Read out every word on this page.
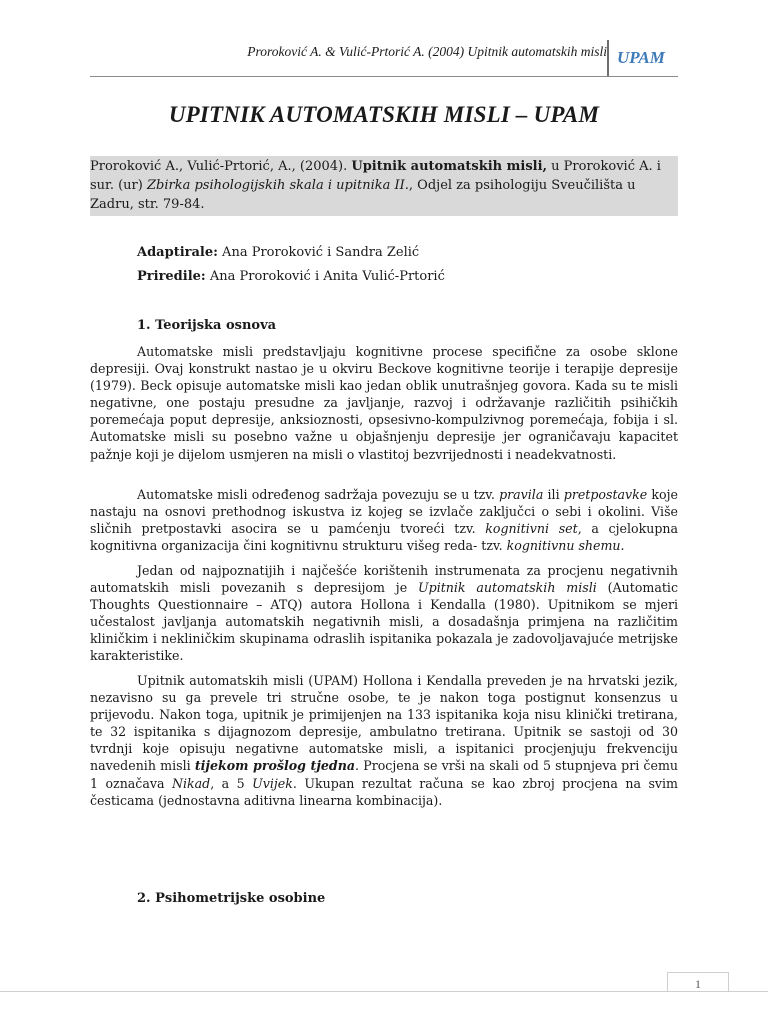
Proroković A. & Vulić-Prtorić A. (2004) Upitnik automatskih misli UPAM
UPITNIK AUTOMATSKIH MISLI – UPAM
Proroković A., Vulić-Prtorić, A., (2004). Upitnik automatskih misli, u Proroković A. i sur. (ur) Zbirka psihologijskih skala i upitnika II., Odjel za psihologiju Sveučilišta u Zadru, str. 79-84.
Adaptirale: Ana Proroković i Sandra Zelić
Priredile: Ana Proroković i Anita Vulić-Prtorić
1. Teorijska osnova

Automatske misli predstavljaju kognitivne procese specifične za osobe sklone depresiji. Ovaj konstrukt nastao je u okviru Beckove kognitivne teorije i terapije depresije (1979). Beck opisuje automatske misli kao jedan oblik unutrašnjeg govora. Kada su te misli negativne, one postaju presudne za javljanje, razvoj i održavanje različitih psihičkih poremećaja poput depresije, anksioznosti, opsesivno-kompulzivnog poremećaja, fobija i sl. Automatske misli su posebno važne u objašnjenju depresije jer ograničavaju kapacitet pažnje koji je dijelom usmjeren na misli o vlastitoj bezvrijednosti i neadekvatnosti.

Automatske misli određenog sadržaja povezuju se u tzv. pravila ili pretpostavke koje nastaju na osnovi prethodnog iskustva iz kojeg se izvlače zaključci o sebi i okolini. Više sličnih pretpostavki asocira se u pamćenju tvoreći tzv. kognitivni set, a cjelokupna kognitivna organizacija čini kognitivnu strukturu višeg reda- tzv. kognitivnu shemu.

Jedan od najpoznatijih i najčešće korištenih instrumenata za procjenu negativnih automatskih misli povezanih s depresijom je Upitnik automatskih misli (Automatic Thoughts Questionnaire – ATQ) autora Hollona i Kendalla (1980). Upitnikom se mjeri učestalost javljanja automatskih negativnih misli, a dosadašnja primjena na različitim kliničkim i nekliničkim skupinama odraslih ispitanika pokazala je zadovoljavajuće metrijske karakteristike.

Upitnik automatskih misli (UPAM) Hollona i Kendalla preveden je na hrvatski jezik, nezavisno su ga prevele tri stručne osobe, te je nakon toga postignut konsenzus u prijevodu. Nakon toga, upitnik je primijenjen na 133 ispitanika koja nisu klinički tretirana, te 32 ispitanika s dijagnozom depresije, ambulatno tretirana. Upitnik se sastoji od 30 tvrdnji koje opisuju negativne automatske misli, a ispitanici procjenjuju frekvenciju navedenih misli tijekom prošlog tjedna. Procjena se vrši na skali od 5 stupnjeva pri čemu 1 označava Nikad, a 5 Uvijek. Ukupan rezultat računa se kao zbroj procjena na svim česticama (jednostavna aditivna linearna kombinacija).

2. Psihometrijske osobine
1
